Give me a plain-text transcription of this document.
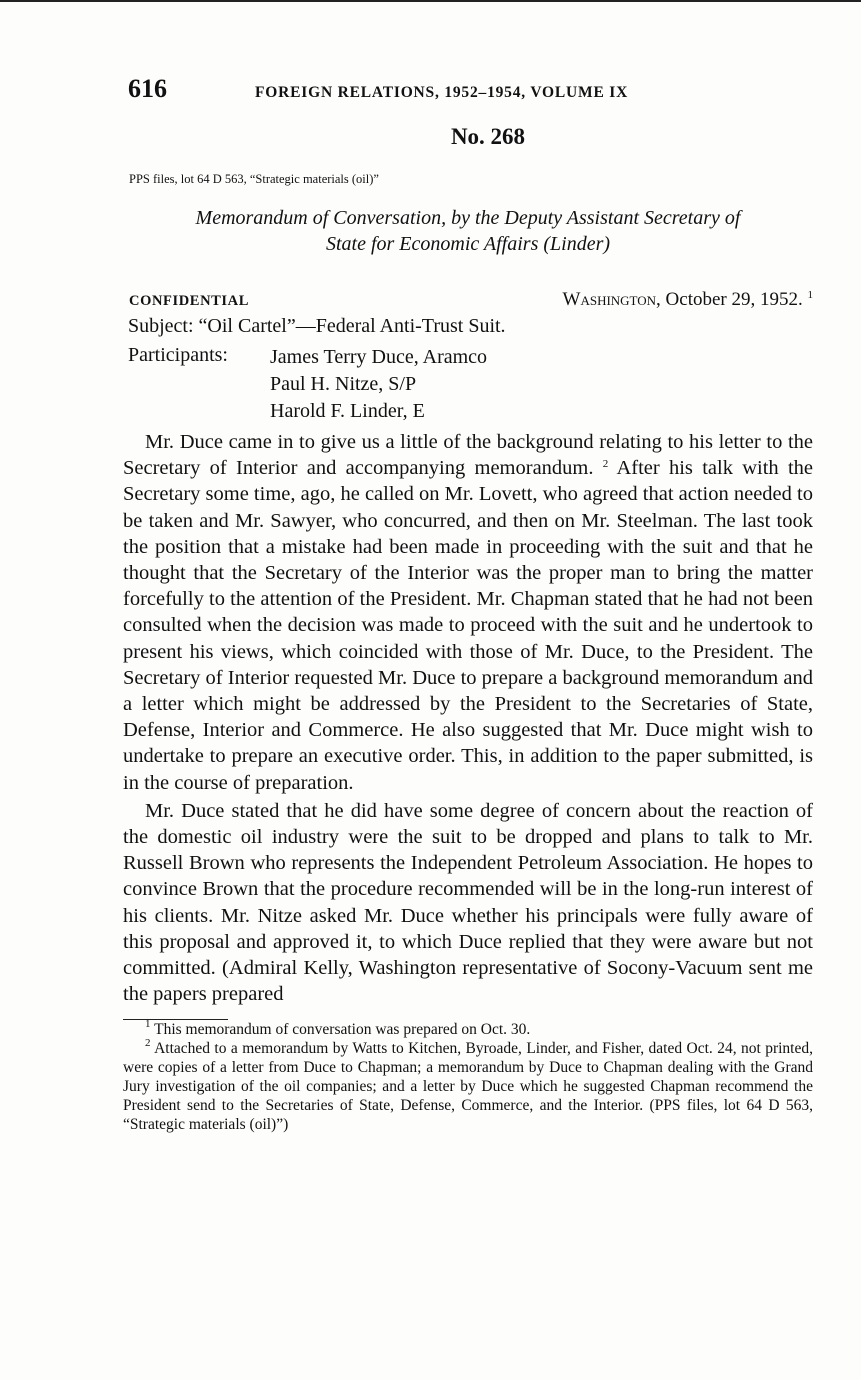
616	FOREIGN RELATIONS, 1952–1954, VOLUME IX
No. 268
PPS files, lot 64 D 563, “Strategic materials (oil)”
Memorandum of Conversation, by the Deputy Assistant Secretary of
State for Economic Affairs (Linder)
CONFIDENTIAL	Washington, October 29, 1952. $^1$
Subject: “Oil Cartel”—Federal Anti-Trust Suit.
Participants:	James Terry Duce, Aramco
Paul H. Nitze, S/P
Harold F. Linder, E

Mr. Duce came in to give us a little of the background relating to his letter to the Secretary of Interior and accompanying memorandum. $^2$ After his talk with the Secretary some time, ago, he called on Mr. Lovett, who agreed that action needed to be taken and Mr. Sawyer, who concurred, and then on Mr. Steelman. The last took the position that a mistake had been made in proceeding with the suit and that he thought that the Secretary of the Interior was the proper man to bring the matter forcefully to the attention of the President. Mr. Chapman stated that he had not been consulted when the decision was made to proceed with the suit and he undertook to present his views, which coincided with those of Mr. Duce, to the President. The Secretary of Interior requested Mr. Duce to prepare a background memorandum and a letter which might be addressed by the President to the Secretaries of State, Defense, Interior and Commerce. He also suggested that Mr. Duce might wish to undertake to prepare an executive order. This, in addition to the paper submitted, is in the course of preparation.

Mr. Duce stated that he did have some degree of concern about the reaction of the domestic oil industry were the suit to be dropped and plans to talk to Mr. Russell Brown who represents the Independent Petroleum Association. He hopes to convince Brown that the procedure recommended will be in the long-run interest of his clients. Mr. Nitze asked Mr. Duce whether his principals were fully aware of this proposal and approved it, to which Duce replied that they were aware but not committed. (Admiral Kelly, Washington representative of Socony-Vacuum sent me the papers prepared

$^1$ This memorandum of conversation was prepared on Oct. 30.

$^2$ Attached to a memorandum by Watts to Kitchen, Byroade, Linder, and Fisher, dated Oct. 24, not printed, were copies of a letter from Duce to Chapman; a memorandum by Duce to Chapman dealing with the Grand Jury investigation of the oil companies; and a letter by Duce which he suggested Chapman recommend the President send to the Secretaries of State, Defense, Commerce, and the Interior. (PPS files, lot 64 D 563, “Strategic materials (oil)”)
